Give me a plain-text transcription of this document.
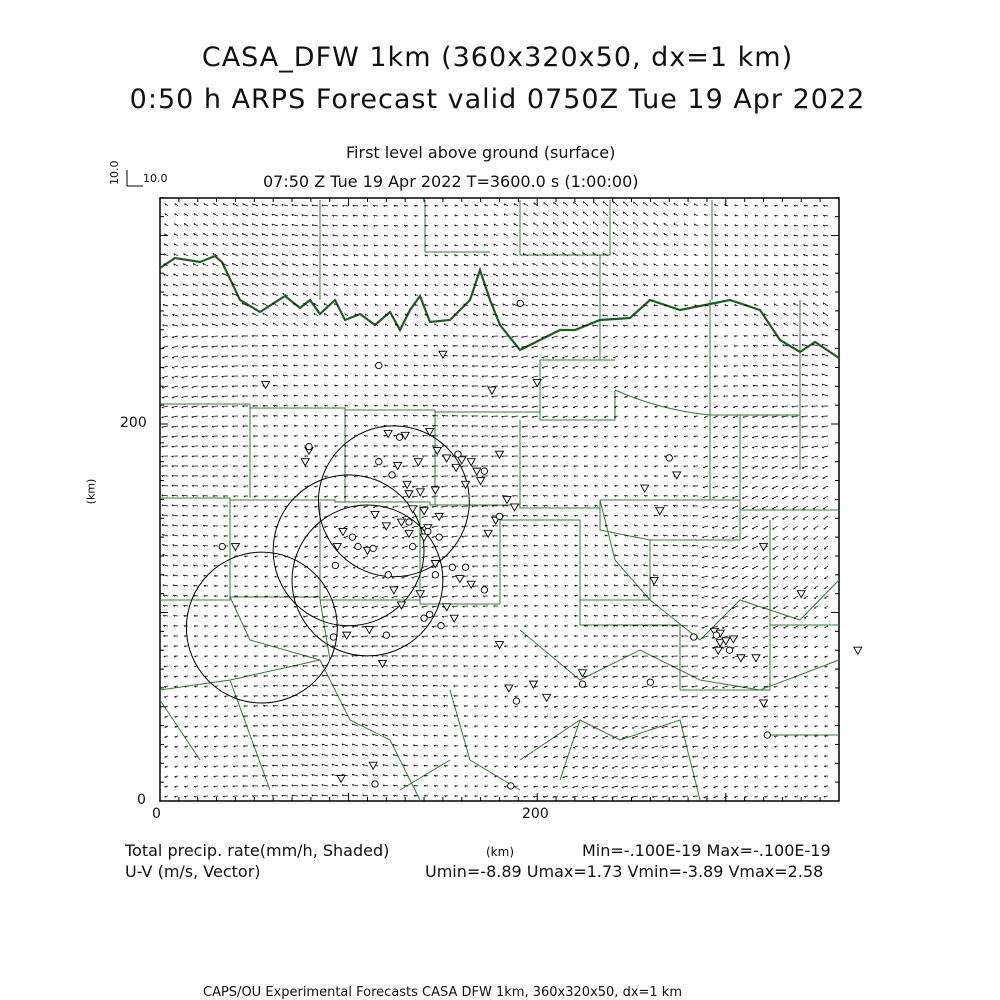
CASA_DFW 1km (360x320x50, dx=1 km)
0:50 h ARPS Forecast valid 0750Z Tue 19 Apr 2022
First level above ground (surface)
07:50 Z Tue 19 Apr 2022 T=3600.0 s (1:00:00)
10.0 10.0
(km)
0	200
0
200
Total precip. rate(mm/h, Shaded)
U-V (m/s, Vector)
(km)	Min=-.100E-19 Max=-.100E-19
Umin=-8.89 Umax=1.73 Vmin=-3.89 Vmax=2.58
CAPS/OU Experimental Forecasts CASA DFW 1km, 360x320x50, dx=1 km
